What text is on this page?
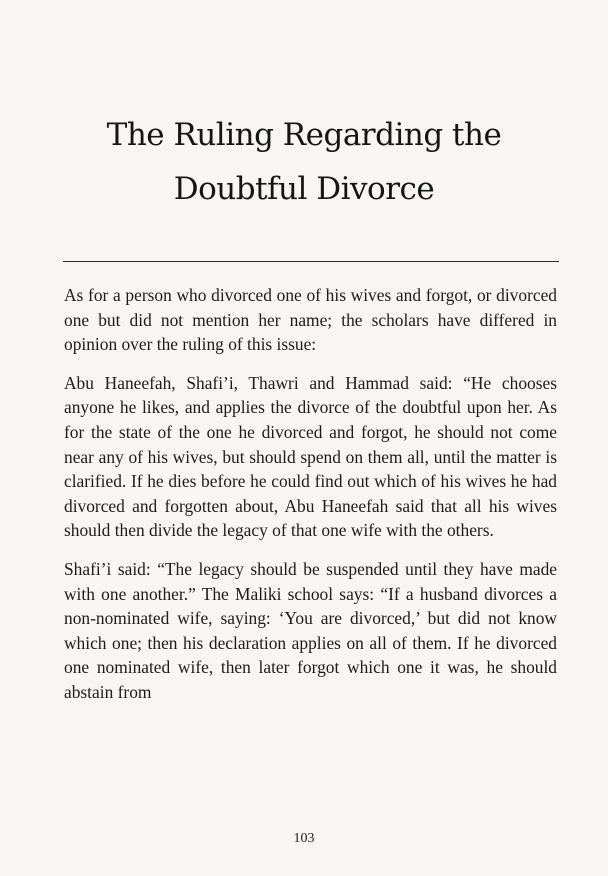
The Ruling Regarding the
Doubtful Divorce

As for a person who divorced one of his wives and forgot, or divorced one but did not mention her name; the scholars have differed in opinion over the ruling of this issue:

Abu Haneefah, Shafi’i, Thawri and Hammad said: “He chooses anyone he likes, and applies the divorce of the doubtful upon her. As for the state of the one he divorced and forgot, he should not come near any of his wives, but should spend on them all, until the matter is clarified. If he dies before he could find out which of his wives he had divorced and forgotten about, Abu Haneefah said that all his wives should then divide the legacy of that one wife with the others.

Shafi’i said: “The legacy should be suspended until they have made with one another.” The Maliki school says: “If a husband divorces a non-nominated wife, saying: ‘You are divorced,’ but did not know which one; then his declaration applies on all of them. If he divorced one nominated wife, then later forgot which one it was, he should abstain from

103
